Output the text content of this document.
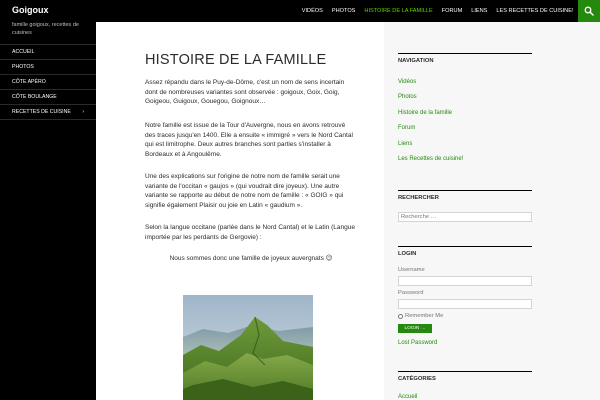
Goigoux	VIDÉOS	PHOTOS	HISTOIRE DE LA FAMILLE	FORUM	LIENS	LES RECETTES DE CUISINE!
famille goigoux, recettes de cuisines
ACCUEIL
PHOTOS
CÔTE APÉRO
CÔTE BOULANGE
RECETTES DE CUISINE ›
HISTOIRE DE LA FAMILLE

Assez répandu dans le Puy-de-Dôme, c'est un nom de sens incertain dont de nombreuses variantes sont observée : goigoux, Goix, Goig, Goigeou, Guigoux, Gouegou, Goignoux…

Notre famille est issue de la Tour d'Auvergne, nous en avons retrouvé des traces jusqu'en 1400. Elle a ensuite « immigré » vers le Nord Cantal qui est limitrophe. Deux autres branches sont parties s'installer à Bordeaux et à Angoulême.

Une des explications sur l'origine de notre nom de famille serait une variante de l'occitan « gaujos » (qui voudrait dire joyeux). Une autre variante se rapporte au début de notre nom de famille : « GOIG » qui signifie également Plaisir ou joie en Latin « gaudium ».

Selon la langue occitane (parlée dans le Nord Cantal) et le Latin (Langue importée par les perdants de Gergovie) :

Nous sommes donc une famille de joyeux auvergnats 😉

NAVIGATION
Vidéos
Photos
Histoire de la famille
Forum
Liens
Les Recettes de cuisine!
RECHERCHER
Recherche …
LOGIN
Username
Password
Remember Me
LOGIN →
Lost Password
CATÉGORIES
Accueil
